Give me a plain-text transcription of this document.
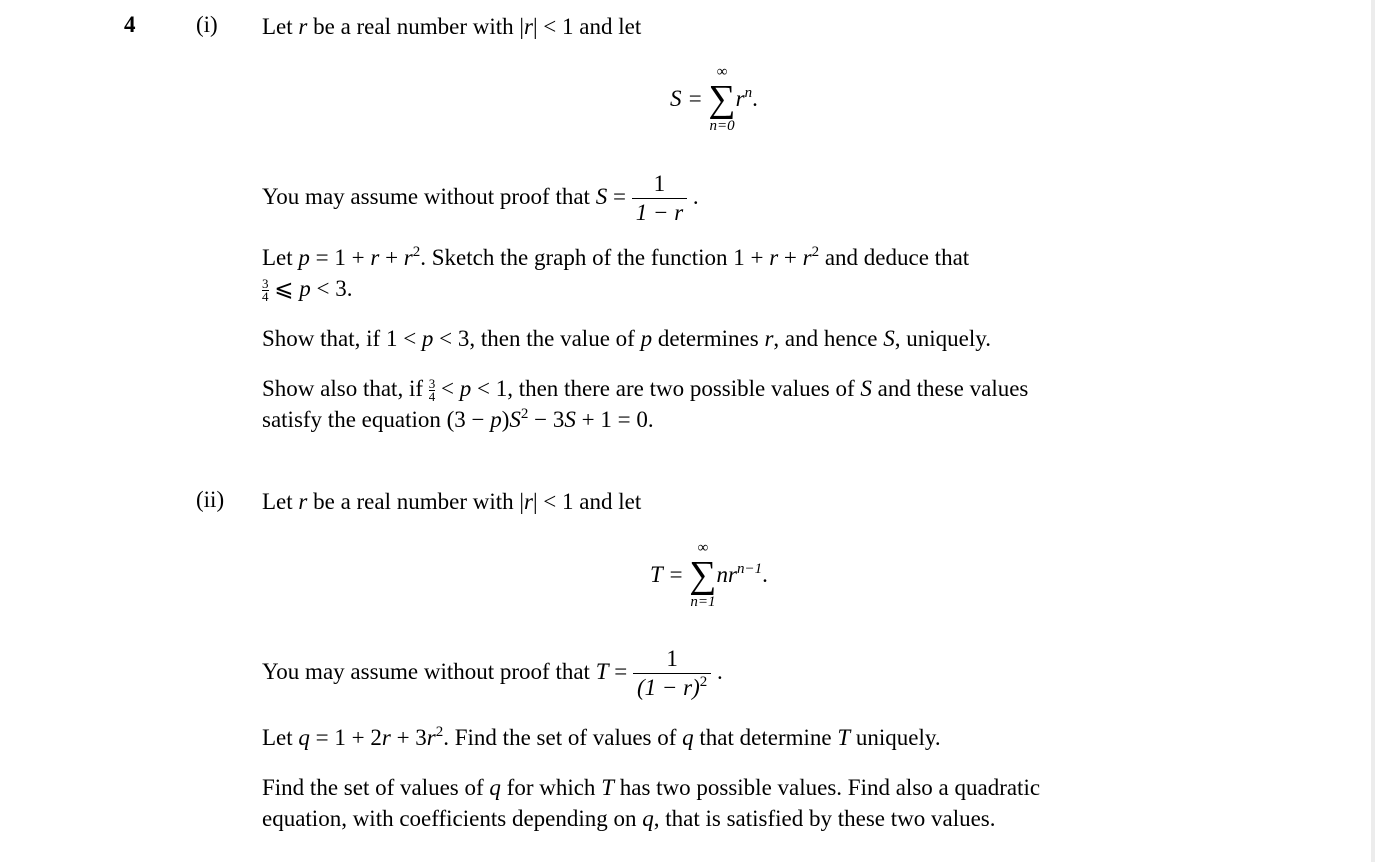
4	(i) Let r be a real number with |r| < 1 and let
S =
∞
∑
n=0
$r^n$.
You may assume without proof that $S = \frac{1}{1 - r}$ .
Let $p = 1 + r + r^2$. Sketch the graph of the function $1 + r + r^2$ and deduce that
$\frac{3}{4}$ ⩽ p < 3.
Show that, if 1 < p < 3, then the value of p determines r, and hence S, uniquely.
Show also that, if $\frac{3}{4} < p < 1$, then there are two possible values of S and these values
satisfy the equation $(3 - p)S^2 - 3S + 1 = 0$.
(ii) Let r be a real number with |r| < 1 and let
T =
∞
∑
n=1
$nr^{n-1}$.
You may assume without proof that $T = \frac{1}{(1 - r)^2}$ .
Let $q = 1 + 2r + 3r^2$. Find the set of values of q that determine T uniquely.
Find the set of values of q for which T has two possible values. Find also a quadratic
equation, with coefficients depending on q, that is satisfied by these two values.
